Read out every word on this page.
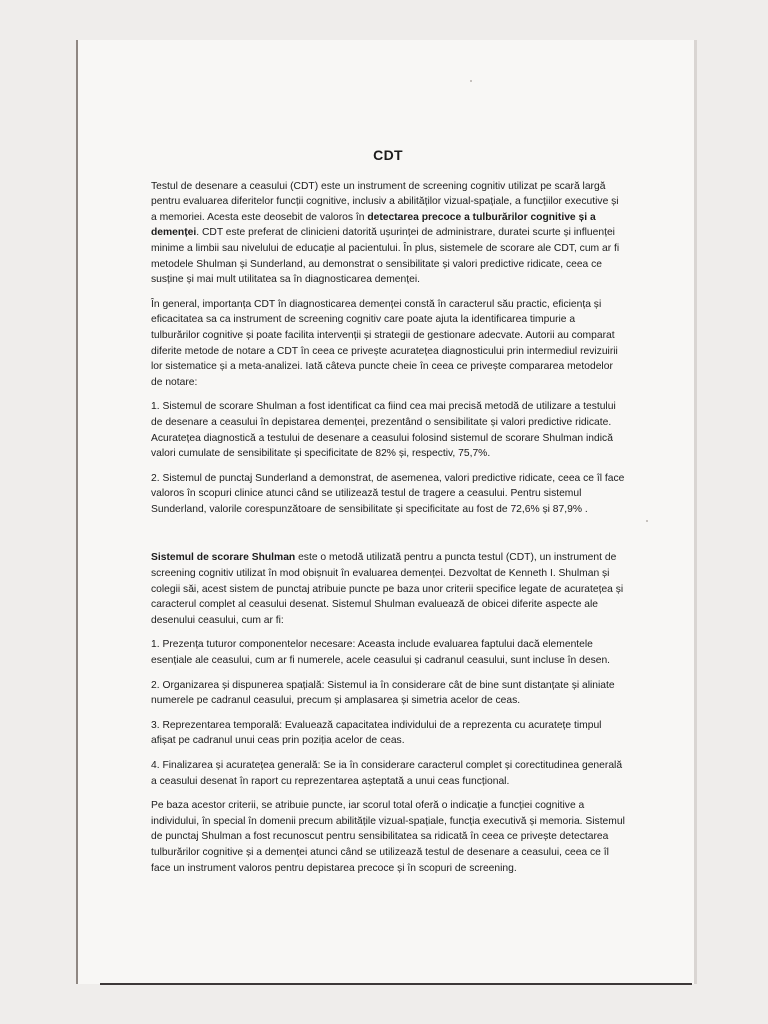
CDT

Testul de desenare a ceasului (CDT) este un instrument de screening cognitiv utilizat pe scară largă pentru evaluarea diferitelor funcții cognitive, inclusiv a abilităților vizual-spațiale, a funcțiilor executive și a memoriei. Acesta este deosebit de valoros în detectarea precoce a tulburărilor cognitive și a demenței. CDT este preferat de clinicieni datorită ușurinței de administrare, duratei scurte și influenței minime a limbii sau nivelului de educație al pacientului. În plus, sistemele de scorare ale CDT, cum ar fi metodele Shulman și Sunderland, au demonstrat o sensibilitate și valori predictive ridicate, ceea ce susține și mai mult utilitatea sa în diagnosticarea demenței.

În general, importanța CDT în diagnosticarea demenței constă în caracterul său practic, eficiența și eficacitatea sa ca instrument de screening cognitiv care poate ajuta la identificarea timpurie a tulburărilor cognitive și poate facilita intervenții și strategii de gestionare adecvate. Autorii au comparat diferite metode de notare a CDT în ceea ce privește acuratețea diagnosticului prin intermediul revizuirii lor sistematice și a meta-analizei. Iată câteva puncte cheie în ceea ce privește compararea metodelor de notare:

1. Sistemul de scorare Shulman a fost identificat ca fiind cea mai precisă metodă de utilizare a testului de desenare a ceasului în depistarea demenței, prezentând o sensibilitate și valori predictive ridicate. Acuratețea diagnostică a testului de desenare a ceasului folosind sistemul de scorare Shulman indică valori cumulate de sensibilitate și specificitate de 82% și, respectiv, 75,7%.

2. Sistemul de punctaj Sunderland a demonstrat, de asemenea, valori predictive ridicate, ceea ce îl face valoros în scopuri clinice atunci când se utilizează testul de tragere a ceasului. Pentru sistemul Sunderland, valorile corespunzătoare de sensibilitate și specificitate au fost de 72,6% și 87,9% .

Sistemul de scorare Shulman este o metodă utilizată pentru a puncta testul (CDT), un instrument de screening cognitiv utilizat în mod obișnuit în evaluarea demenței. Dezvoltat de Kenneth I. Shulman și colegii săi, acest sistem de punctaj atribuie puncte pe baza unor criterii specifice legate de acuratețea și caracterul complet al ceasului desenat. Sistemul Shulman evaluează de obicei diferite aspecte ale desenului ceasului, cum ar fi:

1. Prezența tuturor componentelor necesare: Aceasta include evaluarea faptului dacă elementele esențiale ale ceasului, cum ar fi numerele, acele ceasului și cadranul ceasului, sunt incluse în desen.

2. Organizarea și dispunerea spațială: Sistemul ia în considerare cât de bine sunt distanțate și aliniate numerele pe cadranul ceasului, precum și amplasarea și simetria acelor de ceas.

3. Reprezentarea temporală: Evaluează capacitatea individului de a reprezenta cu acuratețe timpul afișat pe cadranul unui ceas prin poziția acelor de ceas.

4. Finalizarea și acuratețea generală: Se ia în considerare caracterul complet și corectitudinea generală a ceasului desenat în raport cu reprezentarea așteptată a unui ceas funcțional.

Pe baza acestor criterii, se atribuie puncte, iar scorul total oferă o indicație a funcției cognitive a individului, în special în domenii precum abilitățile vizual-spațiale, funcția executivă și memoria. Sistemul de punctaj Shulman a fost recunoscut pentru sensibilitatea sa ridicată în ceea ce privește detectarea tulburărilor cognitive și a demenței atunci când se utilizează testul de desenare a ceasului, ceea ce îl face un instrument valoros pentru depistarea precoce și în scopuri de screening.
